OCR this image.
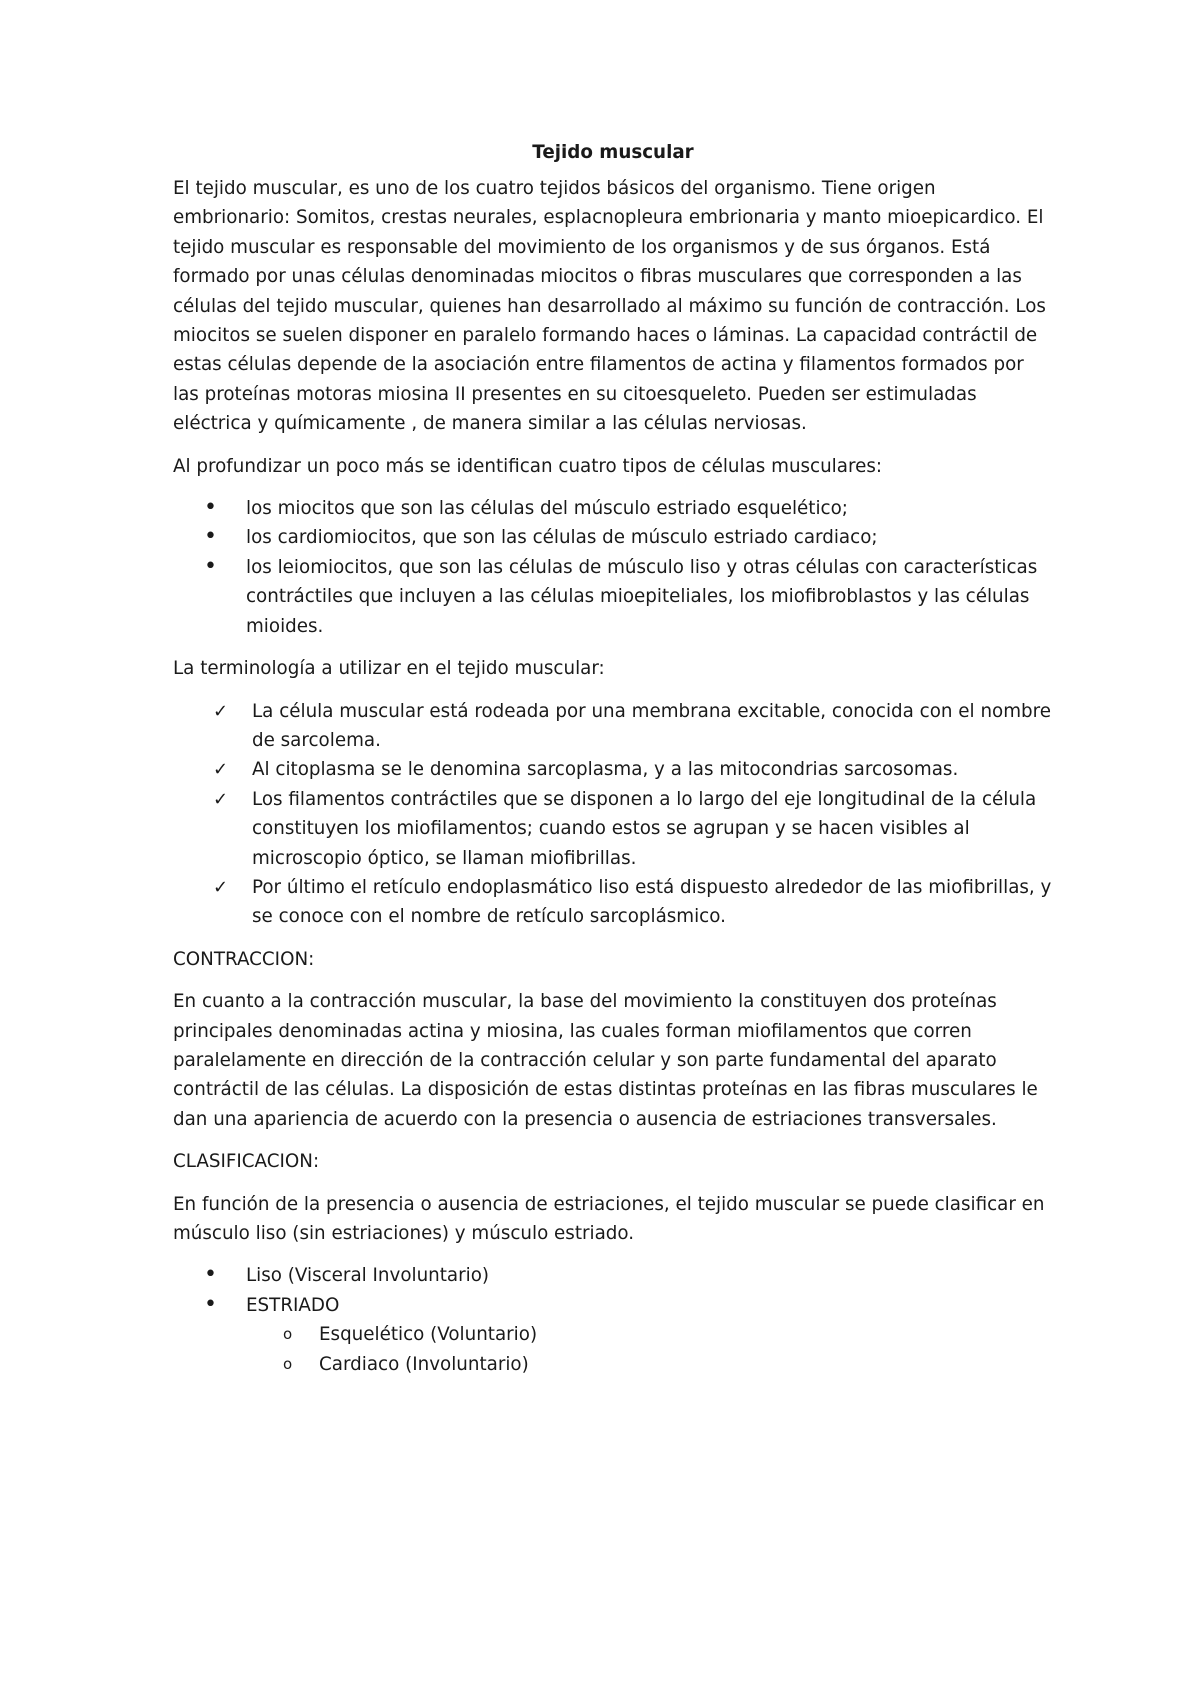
Tejido muscular

El tejido muscular, es uno de los cuatro tejidos básicos del organismo. Tiene origen embrionario: Somitos, crestas neurales, esplacnopleura embrionaria y manto mioepicardico. El tejido muscular es responsable del movimiento de los organismos y de sus órganos. Está formado por unas células denominadas miocitos o fibras musculares que corresponden a las células del tejido muscular, quienes han desarrollado al máximo su función de contracción. Los miocitos se suelen disponer en paralelo formando haces o láminas. La capacidad contráctil de estas células depende de la asociación entre filamentos de actina y filamentos formados por las proteínas motoras miosina II presentes en su citoesqueleto. Pueden ser estimuladas eléctrica y químicamente , de manera similar a las células nerviosas.

Al profundizar un poco más se identifican cuatro tipos de células musculares:

• los miocitos que son las células del músculo estriado esquelético;
• los cardiomiocitos, que son las células de músculo estriado cardiaco;
• los leiomiocitos, que son las células de músculo liso y otras células con características contráctiles que incluyen a las células mioepiteliales, los miofibroblastos y las células mioides.

La terminología a utilizar en el tejido muscular:

✓ La célula muscular está rodeada por una membrana excitable, conocida con el nombre de sarcolema.
✓ Al citoplasma se le denomina sarcoplasma, y a las mitocondrias sarcosomas.
✓ Los filamentos contráctiles que se disponen a lo largo del eje longitudinal de la célula constituyen los miofilamentos; cuando estos se agrupan y se hacen visibles al microscopio óptico, se llaman miofibrillas.
✓ Por último el retículo endoplasmático liso está dispuesto alrededor de las miofibrillas, y se conoce con el nombre de retículo sarcoplásmico.

CONTRACCION:

En cuanto a la contracción muscular, la base del movimiento la constituyen dos proteínas principales denominadas actina y miosina, las cuales forman miofilamentos que corren paralelamente en dirección de la contracción celular y son parte fundamental del aparato contráctil de las células. La disposición de estas distintas proteínas en las fibras musculares le dan una apariencia de acuerdo con la presencia o ausencia de estriaciones transversales.

CLASIFICACION:

En función de la presencia o ausencia de estriaciones, el tejido muscular se puede clasificar en músculo liso (sin estriaciones) y músculo estriado.

• Liso (Visceral Involuntario)
• ESTRIADO
o Esquelético (Voluntario)
o Cardiaco (Involuntario)
